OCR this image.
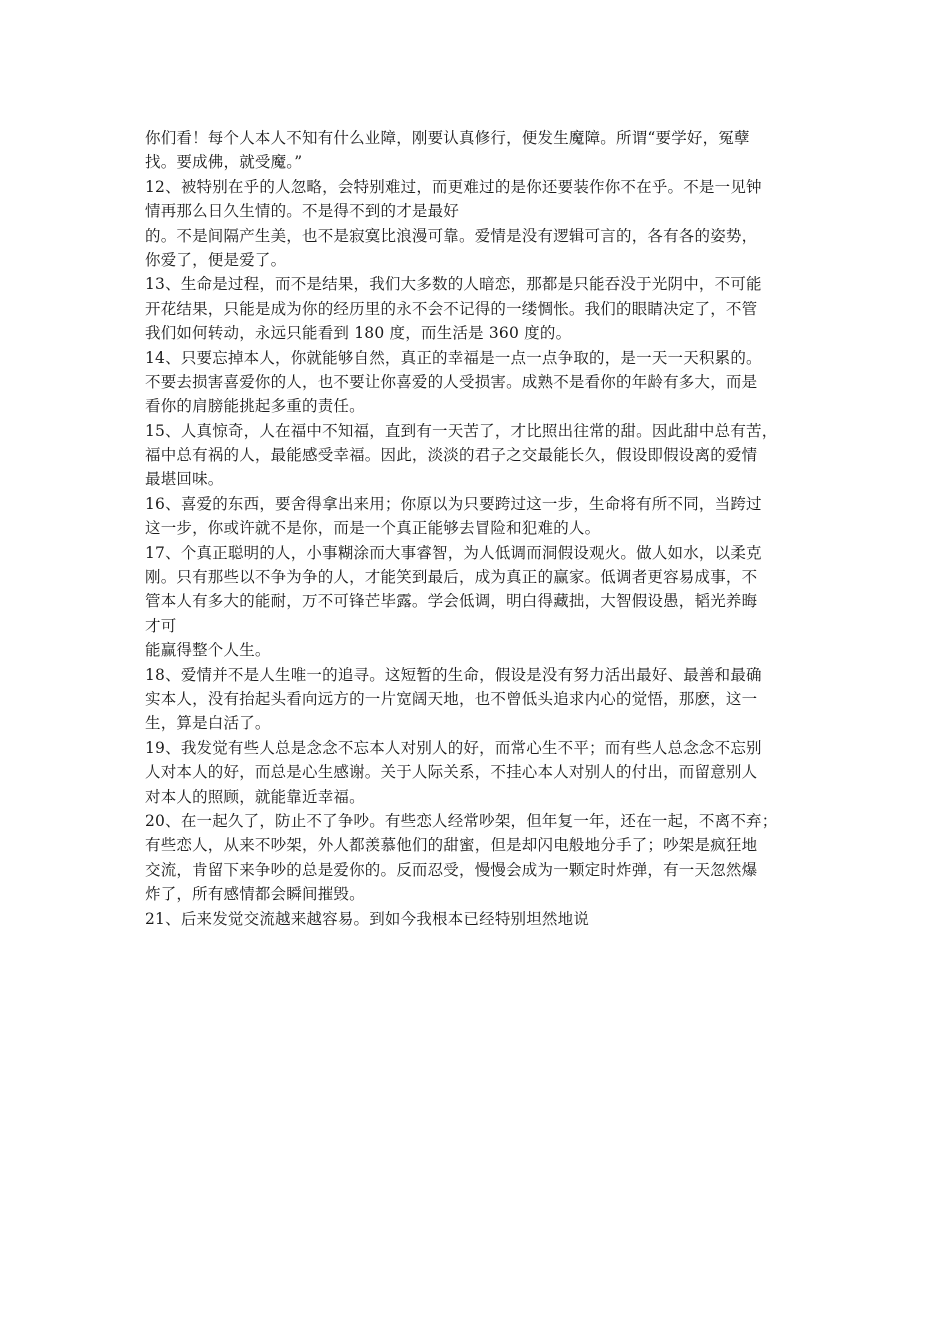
你们看！每个人本人不知有什么业障，刚要认真修行，便发生魔障。所谓“要学好，冤孽
找。要成佛，就受魔。”
12、被特别在乎的人忽略，会特别难过，而更难过的是你还要装作你不在乎。不是一见钟
情再那么日久生情的。不是得不到的才是最好
的。不是间隔产生美，也不是寂寞比浪漫可靠。爱情是没有逻辑可言的，各有各的姿势，
你爱了，便是爱了。
13、生命是过程，而不是结果，我们大多数的人暗恋，那都是只能吞没于光阴中，不可能
开花结果，只能是成为你的经历里的永不会不记得的一缕惆怅。我们的眼睛决定了，不管
我们如何转动，永远只能看到 180 度，而生活是 360 度的。
14、只要忘掉本人，你就能够自然，真正的幸福是一点一点争取的，是一天一天积累的。
不要去损害喜爱你的人，也不要让你喜爱的人受损害。成熟不是看你的年龄有多大，而是
看你的肩膀能挑起多重的责任。
15、人真惊奇，人在福中不知福，直到有一天苦了，才比照出往常的甜。因此甜中总有苦，
福中总有祸的人，最能感受幸福。因此，淡淡的君子之交最能长久，假设即假设离的爱情
最堪回味。
16、喜爱的东西，要舍得拿出来用；你原以为只要跨过这一步，生命将有所不同，当跨过
这一步，你或许就不是你，而是一个真正能够去冒险和犯难的人。
17、个真正聪明的人，小事糊涂而大事睿智，为人低调而洞假设观火。做人如水，以柔克
刚。只有那些以不争为争的人，才能笑到最后，成为真正的赢家。低调者更容易成事，不
管本人有多大的能耐，万不可锋芒毕露。学会低调，明白得藏拙，大智假设愚，韬光养晦
才可
能赢得整个人生。
18、爱情并不是人生唯一的追寻。这短暂的生命，假设是没有努力活出最好、最善和最确
实本人，没有抬起头看向远方的一片宽阔天地，也不曾低头追求内心的觉悟，那麽，这一
生，算是白活了。
19、我发觉有些人总是念念不忘本人对别人的好，而常心生不平；而有些人总念念不忘别
人对本人的好，而总是心生感谢。关于人际关系，不挂心本人对别人的付出，而留意别人
对本人的照顾，就能靠近幸福。
20、在一起久了，防止不了争吵。有些恋人经常吵架，但年复一年，还在一起，不离不弃；
有些恋人，从来不吵架，外人都羡慕他们的甜蜜，但是却闪电般地分手了；吵架是疯狂地
交流，肯留下来争吵的总是爱你的。反而忍受，慢慢会成为一颗定时炸弹，有一天忽然爆
炸了，所有感情都会瞬间摧毁。
21、后来发觉交流越来越容易。到如今我根本已经特别坦然地说
